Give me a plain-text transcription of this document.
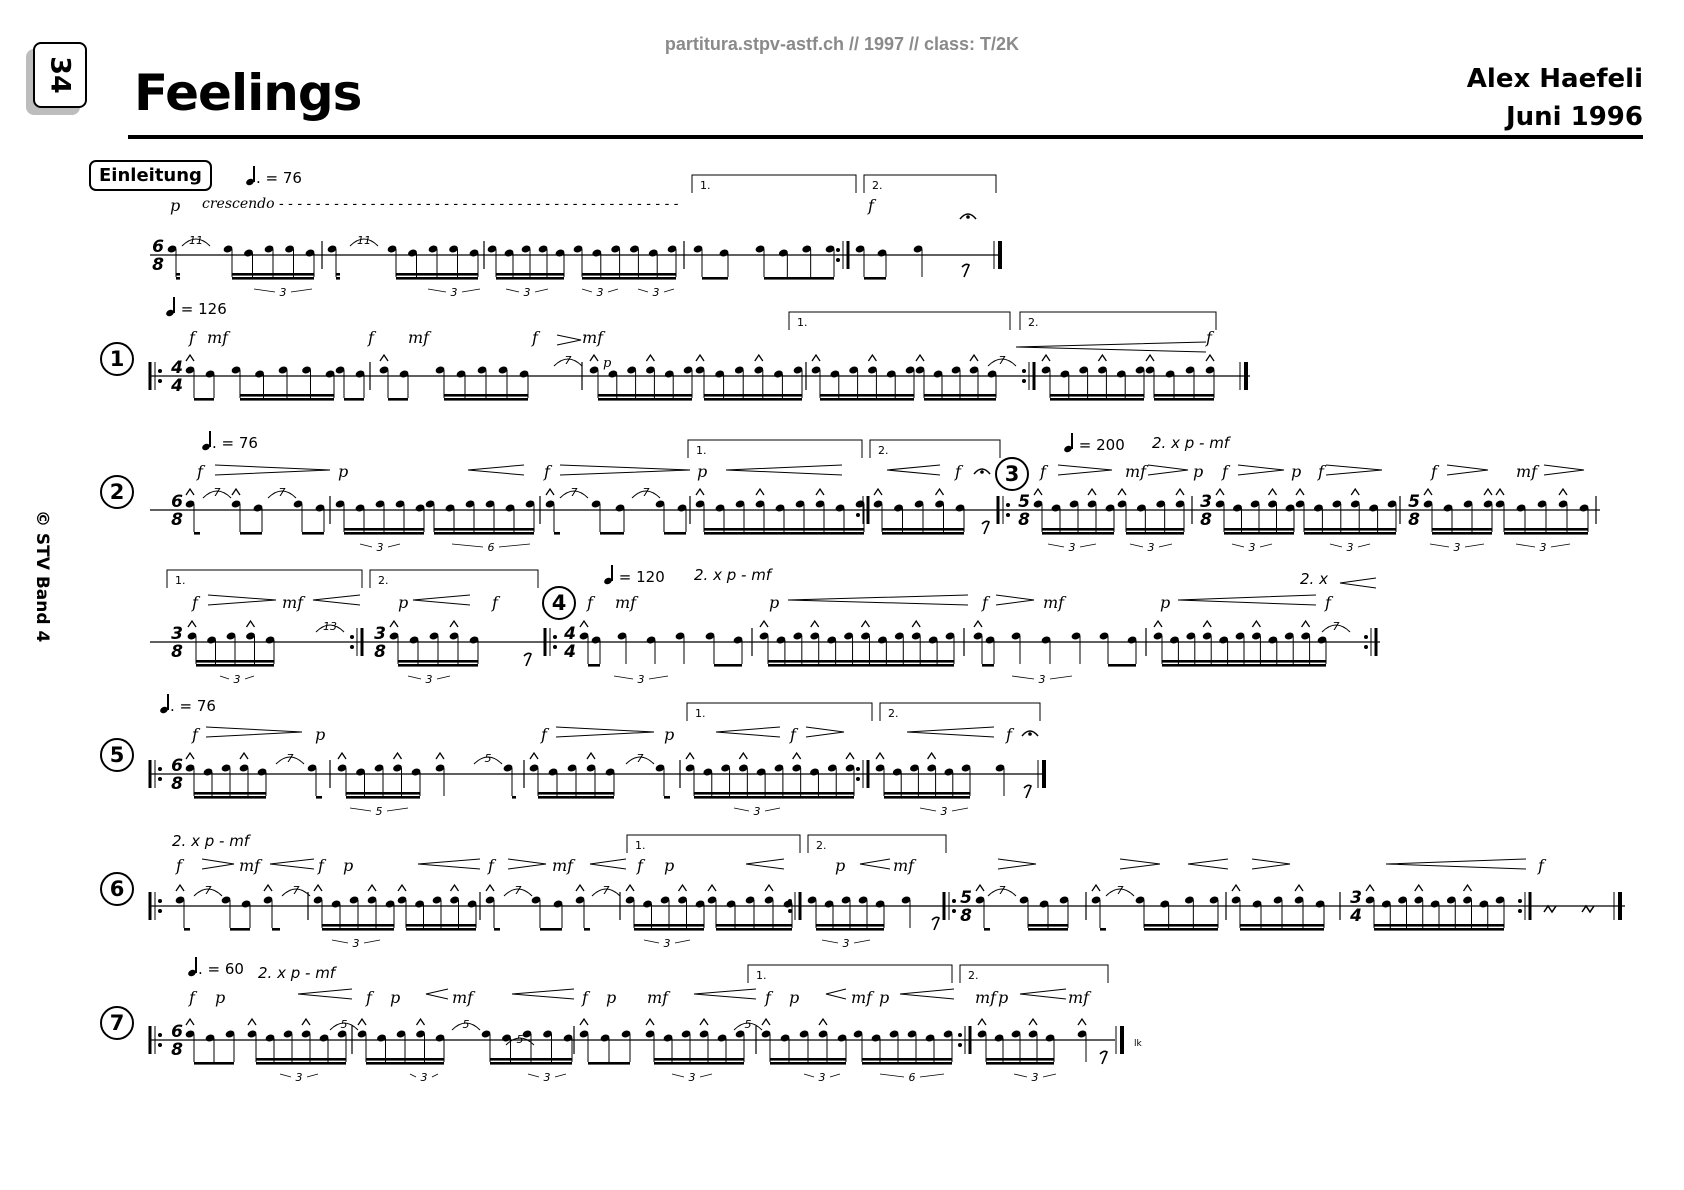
partitura.stpv-astf.ch // 1997 // class: T/2K
34 Feelings	Alex Haefeli
Juni 1996
© STV Band 4
Einleitung	. = 76
p crescendo - - - - - - - - - - - - - - - - - - - - - - - - - - - - - - - - - - - - - - - - - - - -	f
1
2
3
4
5
6
7
= 126
. = 76	= 200 2. x p - mf
= 120 2. x p - mf	2. x
. = 76
2. x p - mf
. = 60 2. x p - mf
f mf	f mf	f	mf
p
f
f	p	f	p	f	f	mf	p f	p f	f	mf
f	mf	p	f	f mf	p	f	mf	p	f
f	p	f	p	f	f
f	mf	f p	f	mf	f p	p	mf	f
f p	f p	mf	f p mf	f p	mf p	mf p	mf
6
8
11
3
11
3	3	3	3
1.	2.
4
4
7	7
1.	2.
6
8
7	7
3	6
7	7	5
8
3	3
3
8
3	3
5
8
3	3
1.	2.
3
8
3
13 3
8
3
4
4
3	3
7
1.	2.
6
8
7
5
5	7
3	3
1.	2.
7	7
3
7	7
3	3
5
8
7	7	3
4
1.	2.
6
8
3
5
3
5
5
3	3
5
3	6	3
lk
1.	2.
